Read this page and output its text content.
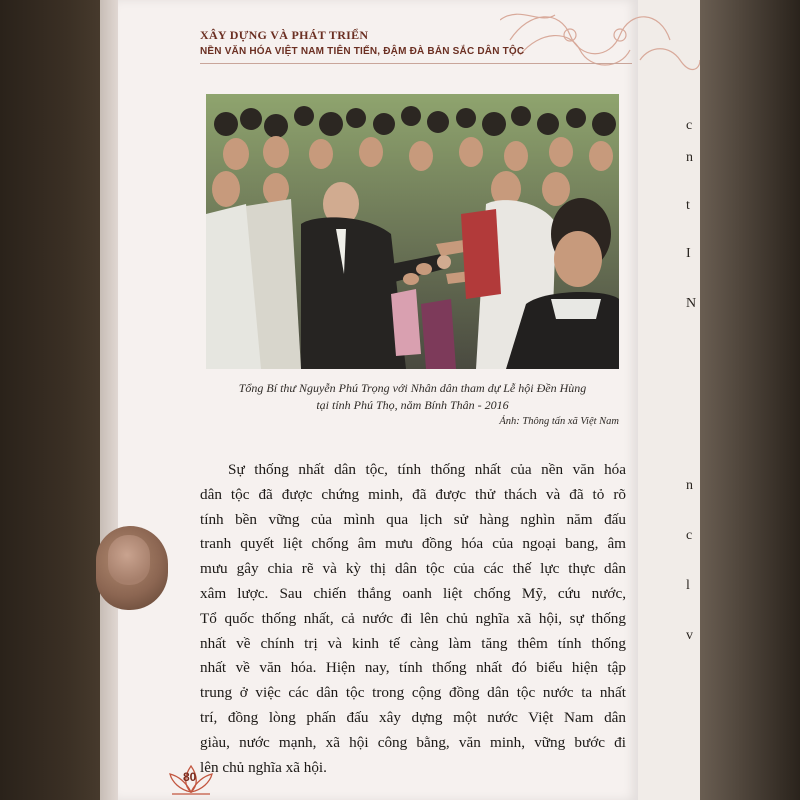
c
n
t
I
N
n
c
l
v
XÂY DỰNG VÀ PHÁT TRIỂN
NỀN VĂN HÓA VIỆT NAM TIÊN TIẾN, ĐẬM ĐÀ BẢN SẮC DÂN TỘC
Tổng Bí thư Nguyễn Phú Trọng với Nhân dân tham dự Lễ hội Đền Hùng
tại tỉnh Phú Thọ, năm Bính Thân - 2016
Ảnh: Thông tấn xã Việt Nam
Sự thống nhất dân tộc, tính thống nhất của nền văn hóa
dân tộc đã được chứng minh, đã được thử thách và đã tỏ rõ
tính bền vững của mình qua lịch sử hàng nghìn năm đấu
tranh quyết liệt chống âm mưu đồng hóa của ngoại bang, âm
mưu gây chia rẽ và kỳ thị dân tộc của các thế lực thực dân
xâm lược. Sau chiến thắng oanh liệt chống Mỹ, cứu nước,
Tổ quốc thống nhất, cả nước đi lên chủ nghĩa xã hội, sự thống
nhất về chính trị và kinh tế càng làm tăng thêm tính thống
nhất về văn hóa. Hiện nay, tính thống nhất đó biểu hiện tập
trung ở việc các dân tộc trong cộng đồng dân tộc nước ta nhất
trí, đồng lòng phấn đấu xây dựng một nước Việt Nam dân
giàu, nước mạnh, xã hội công bằng, văn minh, vững bước đi
lên chủ nghĩa xã hội.
80
